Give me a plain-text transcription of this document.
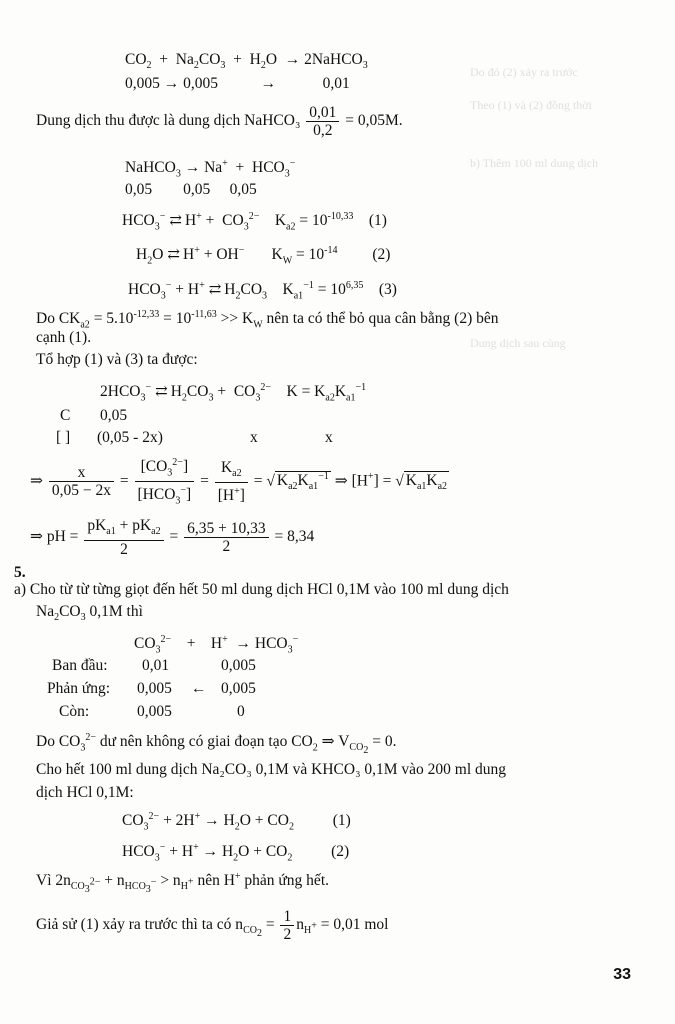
Do đó (2) xảy ra trước
Theo (1) và (2) đồng thời
b) Thêm 100 ml dung dịch
Dung dịch sau cùng
$CO_2 + Na_2CO_3 + H_2O$  → 2NaHCO$_3$
0,005 → 0,005           →            0,01
Dung dịch thu được là dung dịch NaHCO₃ $\frac{0,01}{0,2} = 0,05M$.
NaHCO$_3$ → $Na^+ + HCO_3^-$
0,05        0,05     0,05
$HCO_3^-$ ⇄ $H^+ + CO_3^{2-}$    $K_{a2} = 10^{-10,33}$    (1)
$H_2O$ ⇄ H+ + OH−       $K_W = 10^{-14}$         (2)
$HCO_3^- + H^+$ ⇄ $H_2CO_3$    $K_{a1}^{-1} = 10^{6,35}$    (3)
Do $CK_{a2} = 5.10^{-12,33} = 10^{-11,63} >> K_W$ nên ta có thể bỏ qua cân bằng (2) bên
cạnh (1).
Tổ hợp (1) và (3) ta được:
$2HCO_3^-$ ⇄ $H_2CO_3 + CO_3^{2-}$    $K = K_{a2}K_{a1}^{-1}$
C 0,05
[ ] (0,05 - 2x)	x	x
⇒ $\frac{x}{0,05 - 2x} = \frac{[CO_3^{2-}]}{[HCO_3^-]} = \frac{K_{a2}}{[H^+]}$ = √ $K_{a2}K_{a1}^{-1}$ ⇒ [H+] = √ $K_{a1}K_{a2}$
⇒ pH = $\frac{pK_{a1} + pK_{a2}}{2} = \frac{6,35 + 10,33}{2} = 8,34$
5.
a) Cho từ từ từng giọt đến hết 50 ml dung dịch HCl 0,1M vào 100 ml dung dịch
$Na_2CO_3$ 0,1M thì
$CO_3^{2-}$    +    $H^+ \to HCO_3^-$
Ban đầu: 0,01	0,005
Phản ứng: 0,005 ← 0,005
Còn:	0,005	0
Do $CO_3^{2-}$ dư nên không có giai đoạn tạo $CO_2$ ⇒ $V_{CO_2} = 0$.
Cho hết 100 ml dung dịch Na₂CO₃ 0,1M và KHCO₃ 0,1M vào 200 ml dung
dịch HCl 0,1M:
$CO_3^{2-} + 2H^+ \to H_2O + CO_2$          (1)
$HCO_3^- + H^+ \to H_2O + CO_2$          (2)
Vì $2n_{CO_3^{2-}} + n_{HCO_3^-} > n_{H^+}$ nên H+ phản ứng hết.
Giả sử (1) xảy ra trước thì ta có $n_{CO_2} = \frac{1}{2} n_{H^+} = 0,01$ mol
33
